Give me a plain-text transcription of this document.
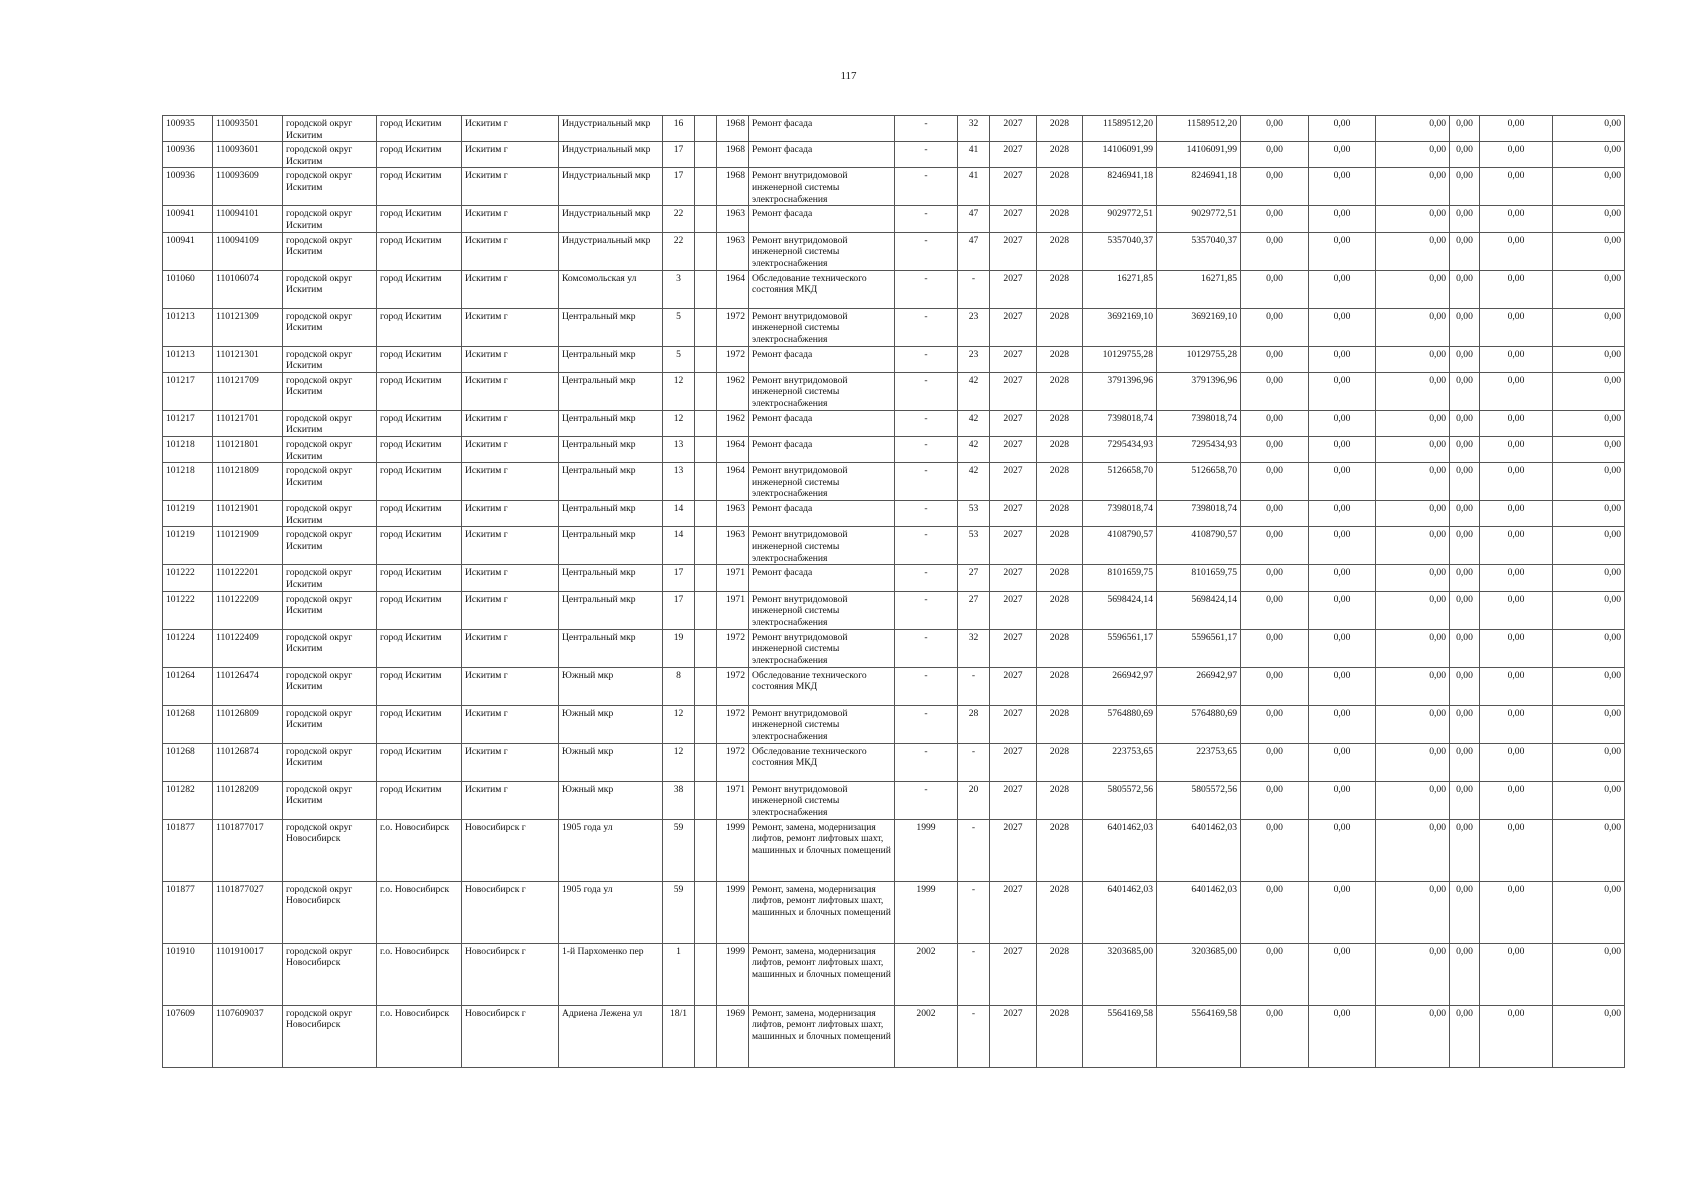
117
100935	110093501	городской округ Искитим	город Искитим	Искитим г	Индустриальный мкр	16		1968	Ремонт фасада	-	32	2027	2028	11589512,20	11589512,20	0,00	0,00	0,00	0,00	0,00	0,00
100936	110093601	городской округ Искитим	город Искитим	Искитим г	Индустриальный мкр	17		1968	Ремонт фасада	-	41	2027	2028	14106091,99	14106091,99	0,00	0,00	0,00	0,00	0,00	0,00
100936	110093609	городской округ Искитим	город Искитим	Искитим г	Индустриальный мкр	17		1968	Ремонт внутридомовой инженерной системы электроснабжения	-	41	2027	2028	8246941,18	8246941,18	0,00	0,00	0,00	0,00	0,00	0,00
100941	110094101	городской округ Искитим	город Искитим	Искитим г	Индустриальный мкр	22		1963	Ремонт фасада	-	47	2027	2028	9029772,51	9029772,51	0,00	0,00	0,00	0,00	0,00	0,00
100941	110094109	городской округ Искитим	город Искитим	Искитим г	Индустриальный мкр	22		1963	Ремонт внутридомовой инженерной системы электроснабжения	-	47	2027	2028	5357040,37	5357040,37	0,00	0,00	0,00	0,00	0,00	0,00
101060	110106074	городской округ Искитим	город Искитим	Искитим г	Комсомольская ул	3		1964	Обследование технического состояния МКД	-	-	2027	2028	16271,85	16271,85	0,00	0,00	0,00	0,00	0,00	0,00
101213	110121309	городской округ Искитим	город Искитим	Искитим г	Центральный мкр	5		1972	Ремонт внутридомовой инженерной системы электроснабжения	-	23	2027	2028	3692169,10	3692169,10	0,00	0,00	0,00	0,00	0,00	0,00
101213	110121301	городской округ Искитим	город Искитим	Искитим г	Центральный мкр	5		1972	Ремонт фасада	-	23	2027	2028	10129755,28	10129755,28	0,00	0,00	0,00	0,00	0,00	0,00
101217	110121709	городской округ Искитим	город Искитим	Искитим г	Центральный мкр	12		1962	Ремонт внутридомовой инженерной системы электроснабжения	-	42	2027	2028	3791396,96	3791396,96	0,00	0,00	0,00	0,00	0,00	0,00
101217	110121701	городской округ Искитим	город Искитим	Искитим г	Центральный мкр	12		1962	Ремонт фасада	-	42	2027	2028	7398018,74	7398018,74	0,00	0,00	0,00	0,00	0,00	0,00
101218	110121801	городской округ Искитим	город Искитим	Искитим г	Центральный мкр	13		1964	Ремонт фасада	-	42	2027	2028	7295434,93	7295434,93	0,00	0,00	0,00	0,00	0,00	0,00
101218	110121809	городской округ Искитим	город Искитим	Искитим г	Центральный мкр	13		1964	Ремонт внутридомовой инженерной системы электроснабжения	-	42	2027	2028	5126658,70	5126658,70	0,00	0,00	0,00	0,00	0,00	0,00
101219	110121901	городской округ Искитим	город Искитим	Искитим г	Центральный мкр	14		1963	Ремонт фасада	-	53	2027	2028	7398018,74	7398018,74	0,00	0,00	0,00	0,00	0,00	0,00
101219	110121909	городской округ Искитим	город Искитим	Искитим г	Центральный мкр	14		1963	Ремонт внутридомовой инженерной системы электроснабжения	-	53	2027	2028	4108790,57	4108790,57	0,00	0,00	0,00	0,00	0,00	0,00
101222	110122201	городской округ Искитим	город Искитим	Искитим г	Центральный мкр	17		1971	Ремонт фасада	-	27	2027	2028	8101659,75	8101659,75	0,00	0,00	0,00	0,00	0,00	0,00
101222	110122209	городской округ Искитим	город Искитим	Искитим г	Центральный мкр	17		1971	Ремонт внутридомовой инженерной системы электроснабжения	-	27	2027	2028	5698424,14	5698424,14	0,00	0,00	0,00	0,00	0,00	0,00
101224	110122409	городской округ Искитим	город Искитим	Искитим г	Центральный мкр	19		1972	Ремонт внутридомовой инженерной системы электроснабжения	-	32	2027	2028	5596561,17	5596561,17	0,00	0,00	0,00	0,00	0,00	0,00
101264	110126474	городской округ Искитим	город Искитим	Искитим г	Южный мкр	8		1972	Обследование технического состояния МКД	-	-	2027	2028	266942,97	266942,97	0,00	0,00	0,00	0,00	0,00	0,00
101268	110126809	городской округ Искитим	город Искитим	Искитим г	Южный мкр	12		1972	Ремонт внутридомовой инженерной системы электроснабжения	-	28	2027	2028	5764880,69	5764880,69	0,00	0,00	0,00	0,00	0,00	0,00
101268	110126874	городской округ Искитим	город Искитим	Искитим г	Южный мкр	12		1972	Обследование технического состояния МКД	-	-	2027	2028	223753,65	223753,65	0,00	0,00	0,00	0,00	0,00	0,00
101282	110128209	городской округ Искитим	город Искитим	Искитим г	Южный мкр	38		1971	Ремонт внутридомовой инженерной системы электроснабжения	-	20	2027	2028	5805572,56	5805572,56	0,00	0,00	0,00	0,00	0,00	0,00
101877	1101877017	городской округ Новосибирск	г.о. Новосибирск	Новосибирск г	1905 года ул	59		1999	Ремонт, замена, модернизация лифтов, ремонт лифтовых шахт, машинных и блочных помещений	1999	-	2027	2028	6401462,03	6401462,03	0,00	0,00	0,00	0,00	0,00	0,00
101877	1101877027	городской округ Новосибирск	г.о. Новосибирск	Новосибирск г	1905 года ул	59		1999	Ремонт, замена, модернизация лифтов, ремонт лифтовых шахт, машинных и блочных помещений	1999	-	2027	2028	6401462,03	6401462,03	0,00	0,00	0,00	0,00	0,00	0,00
101910	1101910017	городской округ Новосибирск	г.о. Новосибирск	Новосибирск г	1-й Пархоменко пер	1		1999	Ремонт, замена, модернизация лифтов, ремонт лифтовых шахт, машинных и блочных помещений	2002	-	2027	2028	3203685,00	3203685,00	0,00	0,00	0,00	0,00	0,00	0,00
107609	1107609037	городской округ Новосибирск	г.о. Новосибирск	Новосибирск г	Адриена Лежена ул	18/1		1969	Ремонт, замена, модернизация лифтов, ремонт лифтовых шахт, машинных и блочных помещений	2002	-	2027	2028	5564169,58	5564169,58	0,00	0,00	0,00	0,00	0,00	0,00
